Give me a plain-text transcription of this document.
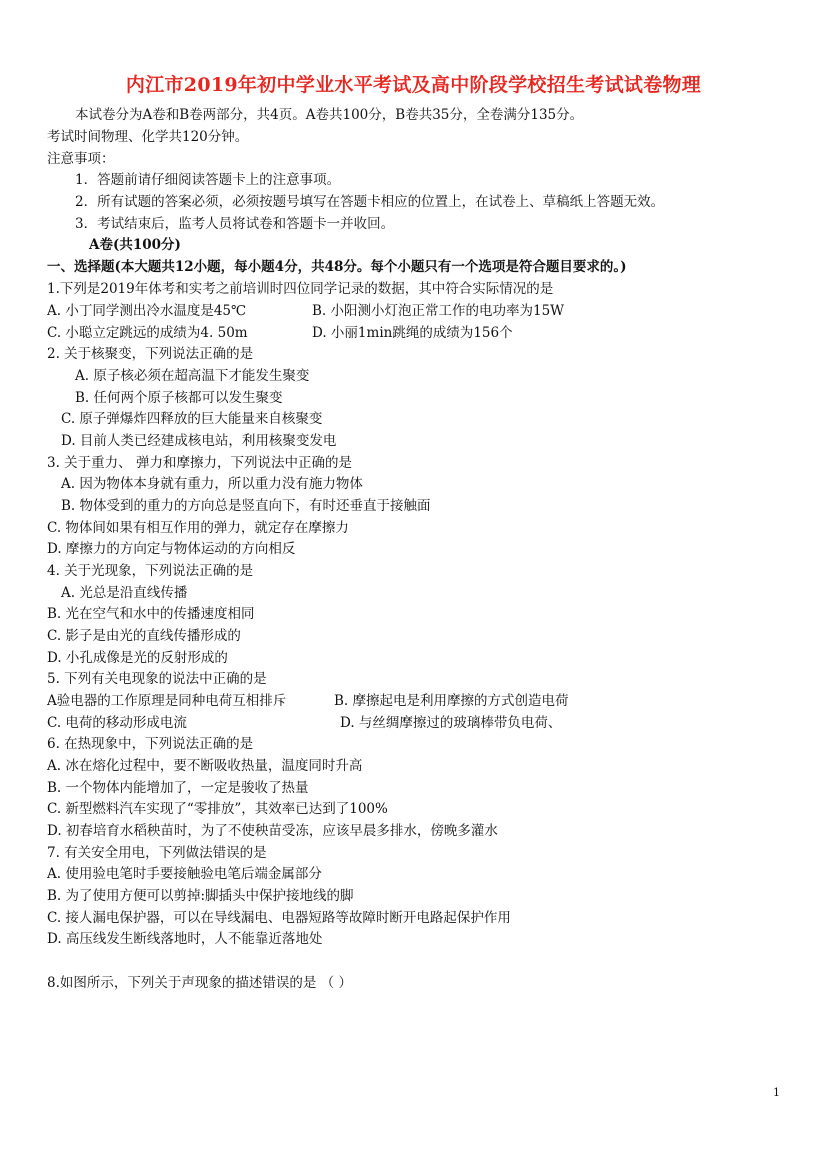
内江市2019年初中学业水平考试及高中阶段学校招生考试试卷物理
本试卷分为A卷和B卷两部分，共4页。A卷共100分，B卷共35分，全卷满分135分。
考试时间物理、化学共120分钟。
注意事项：
1．答题前请仔细阅读答题卡上的注意事项。
2．所有试题的答案必须，必须按题号填写在答题卡相应的位置上，在试卷上、草稿纸上答题无效。
3．考试结束后，监考人员将试卷和答题卡一并收回。
A卷(共100分)
一、选择题(本大题共12小题，每小题4分，共48分。每个小题只有一个选项是符合题目要求的。)
1.下列是2019年体考和实考之前培训时四位同学记录的数据，其中符合实际情况的是
A. 小丁同学测出冷水温度是45℃	B. 小阳测小灯泡正常工作的电功率为15W
C. 小聪立定跳远的成绩为4. 50m	D. 小丽1min跳绳的成绩为156个
2. 关于核聚变，下列说法正确的是
A. 原子核必须在超高温下才能发生聚变
B. 任何两个原子核都可以发生聚变
C. 原子弹爆炸四释放的巨大能量来自核聚变
D. 目前人类已经建成核电站，利用核聚变发电
3. 关于重力、 弹力和摩擦力，下列说法中正确的是
A. 因为物体本身就有重力，所以重力没有施力物体
B. 物体受到的重力的方向总是竖直向下，有时还垂直于接触面
C. 物体间如果有相互作用的弹力，就定存在摩擦力
D. 摩擦力的方向定与物体运动的方向相反
4. 关于光现象，下列说法正确的是
A. 光总是沿直线传播
B. 光在空气和水中的传播速度相同
C. 影子是由光的直线传播形成的
D. 小孔成像是光的反射形成的
5. 下列有关电现象的说法中正确的是
A验电器的工作原理是同种电荷互相排斥	B. 摩擦起电是利用摩擦的方式创造电荷
C. 电荷的移动形成电流	D. 与丝绸摩擦过的玻璃棒带负电荷、
6. 在热现象中，下列说法正确的是
A. 冰在熔化过程中，要不断吸收热量，温度同时升高
B. 一个物体内能增加了，一定是骏收了热量
C. 新型燃料汽车实现了“零排放”，其效率已达到了100%
D. 初春培育水稻秧苗时，为了不使秧苗受冻，应该早晨多排水，傍晚多灌水
7. 有关安全用电，下列做法错误的是
A. 使用验电笔时手要接触验电笔后端金属部分
B. 为了使用方便可以剪掉:脚插头中保护接地线的脚
C. 接人漏电保护器，可以在导线漏电、电器短路等故障时断开电路起保护作用
D. 高压线发生断线落地时，人不能靠近落地处
8.如图所示，下列关于声现象的描述错误的是 （ ）
1
